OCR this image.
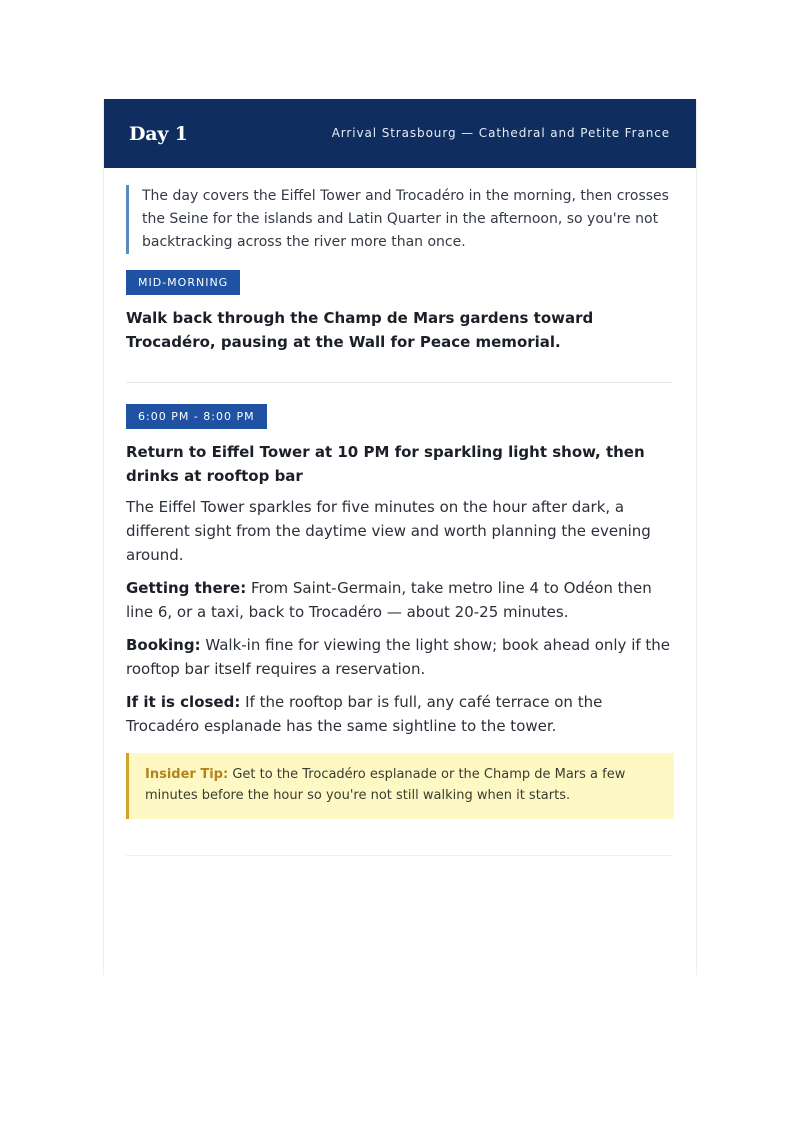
Day 1	Arrival Strasbourg — Cathedral and Petite France
The day covers the Eiffel Tower and Trocadéro in the morning, then crosses the Seine for the islands and Latin Quarter in the afternoon, so you're not backtracking across the river more than once.
MID-MORNING
Walk back through the Champ de Mars gardens toward Trocadéro, pausing at the Wall for Peace memorial.
6:00 PM - 8:00 PM
Return to Eiffel Tower at 10 PM for sparkling light show, then drinks at rooftop bar
The Eiffel Tower sparkles for five minutes on the hour after dark, a different sight from the daytime view and worth planning the evening around.
Getting there: From Saint-Germain, take metro line 4 to Odéon then line 6, or a taxi, back to Trocadéro — about 20-25 minutes.
Booking: Walk-in fine for viewing the light show; book ahead only if the rooftop bar itself requires a reservation.
If it is closed: If the rooftop bar is full, any café terrace on the Trocadéro esplanade has the same sightline to the tower.
Insider Tip: Get to the Trocadéro esplanade or the Champ de Mars a few minutes before the hour so you're not still walking when it starts.
